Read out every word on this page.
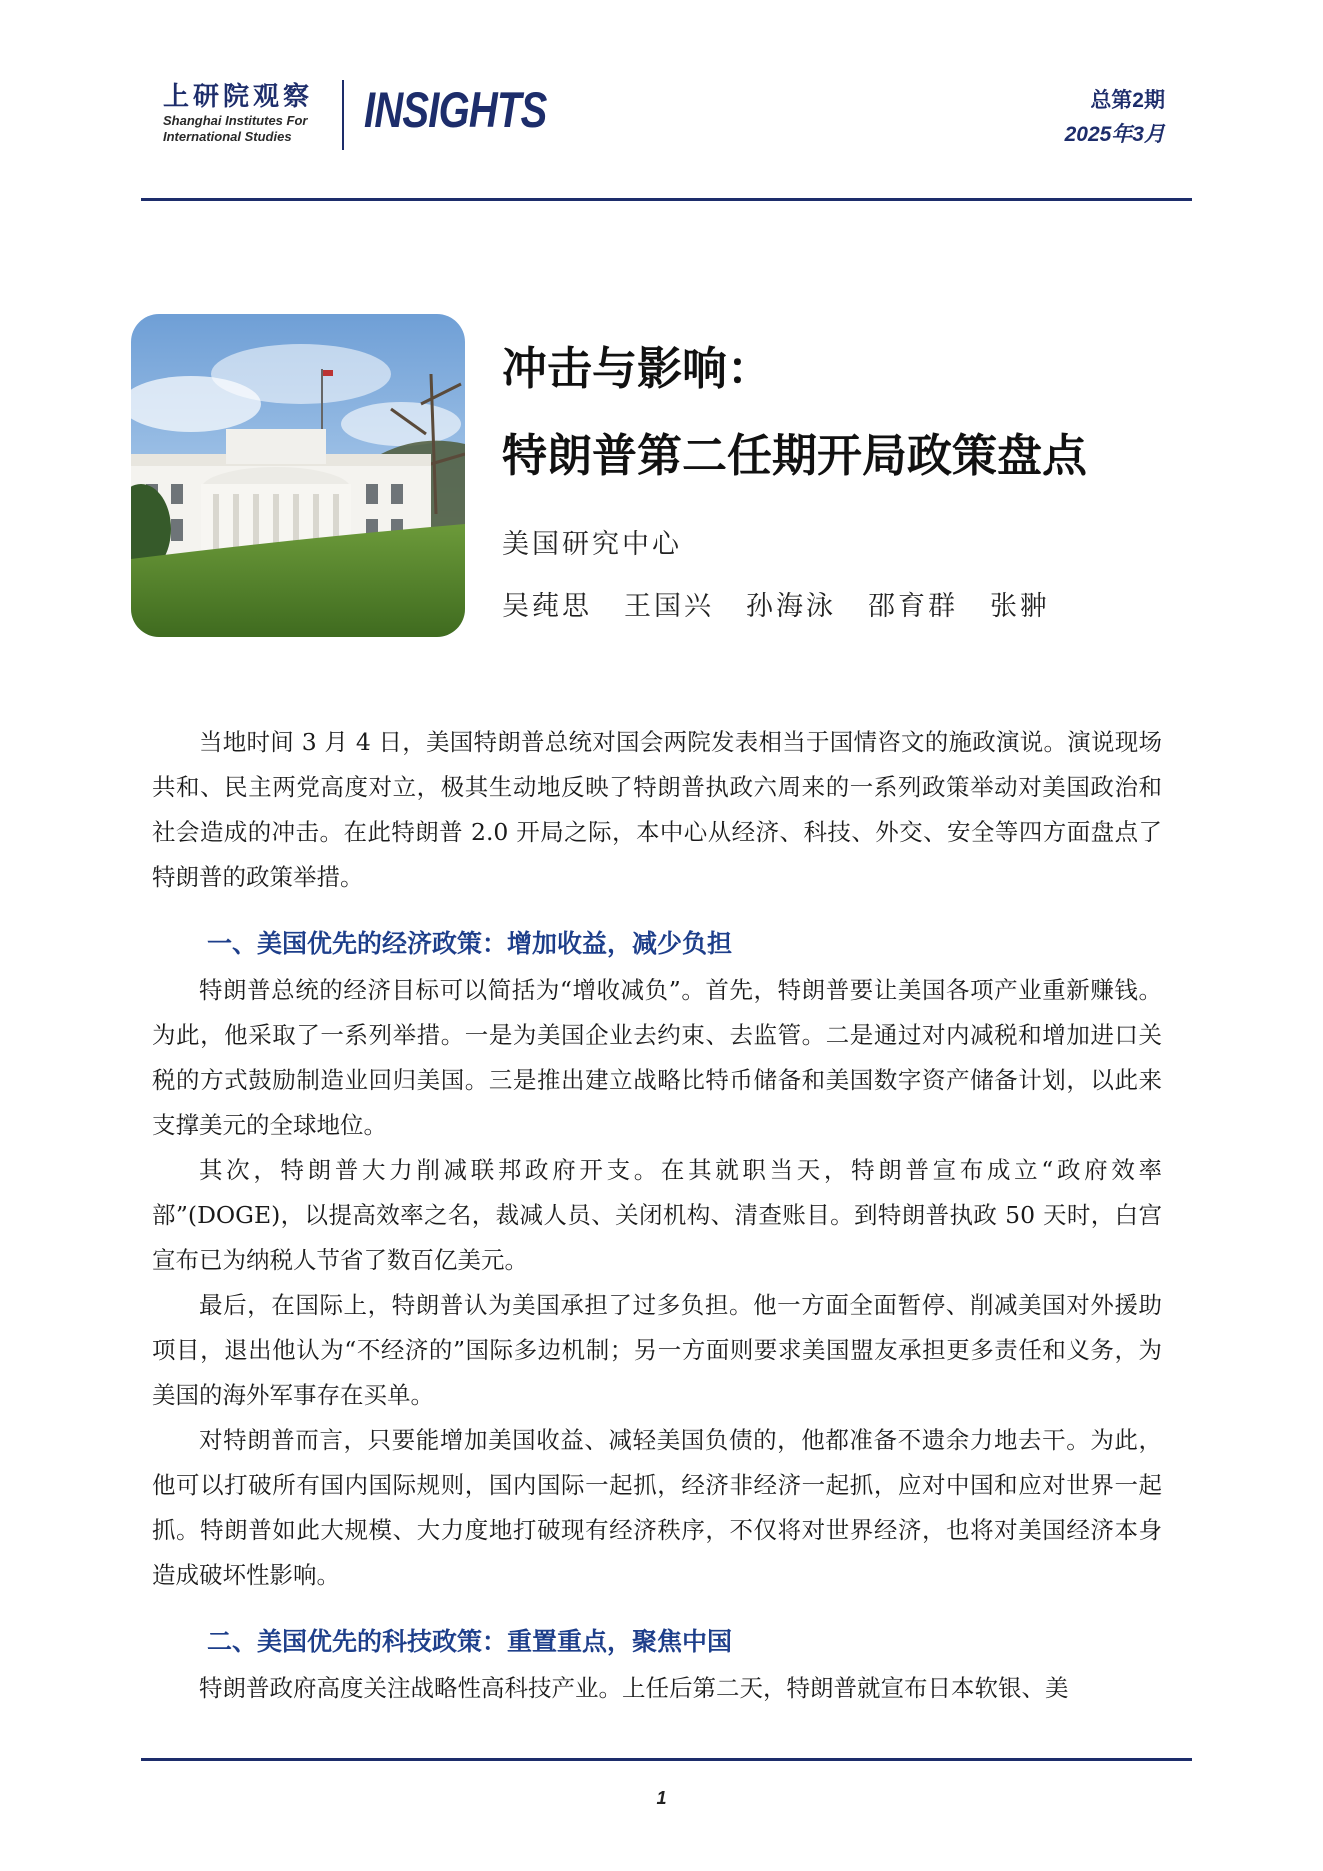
上研院观察
Shanghai Institutes For
International Studies	INSIGHTS	总第2期
2025年3月
冲击与影响：
特朗普第二任期开局政策盘点
美国研究中心
吴莼思 王国兴 孙海泳 邵育群 张翀

当地时间 3 月 4 日，美国特朗普总统对国会两院发表相当于国情咨文的施政演说。演说现场共和、民主两党高度对立，极其生动地反映了特朗普执政六周来的一系列政策举动对美国政治和社会造成的冲击。在此特朗普 2.0 开局之际，本中心从经济、科技、外交、安全等四方面盘点了特朗普的政策举措。

一、美国优先的经济政策：增加收益，减少负担

特朗普总统的经济目标可以简括为“增收减负”。首先，特朗普要让美国各项产业重新赚钱。为此，他采取了一系列举措。一是为美国企业去约束、去监管。二是通过对内减税和增加进口关税的方式鼓励制造业回归美国。三是推出建立战略比特币储备和美国数字资产储备计划，以此来支撑美元的全球地位。

其次，特朗普大力削减联邦政府开支。在其就职当天，特朗普宣布成立“政府效率部”(DOGE)，以提高效率之名，裁减人员、关闭机构、清查账目。到特朗普执政 50 天时，白宫宣布已为纳税人节省了数百亿美元。

最后，在国际上，特朗普认为美国承担了过多负担。他一方面全面暂停、削减美国对外援助项目，退出他认为“不经济的”国际多边机制；另一方面则要求美国盟友承担更多责任和义务，为美国的海外军事存在买单。

对特朗普而言，只要能增加美国收益、减轻美国负债的，他都准备不遗余力地去干。为此，他可以打破所有国内国际规则，国内国际一起抓，经济非经济一起抓，应对中国和应对世界一起抓。特朗普如此大规模、大力度地打破现有经济秩序，不仅将对世界经济，也将对美国经济本身造成破坏性影响。

二、美国优先的科技政策：重置重点，聚焦中国

特朗普政府高度关注战略性高科技产业。上任后第二天，特朗普就宣布日本软银、美

1
